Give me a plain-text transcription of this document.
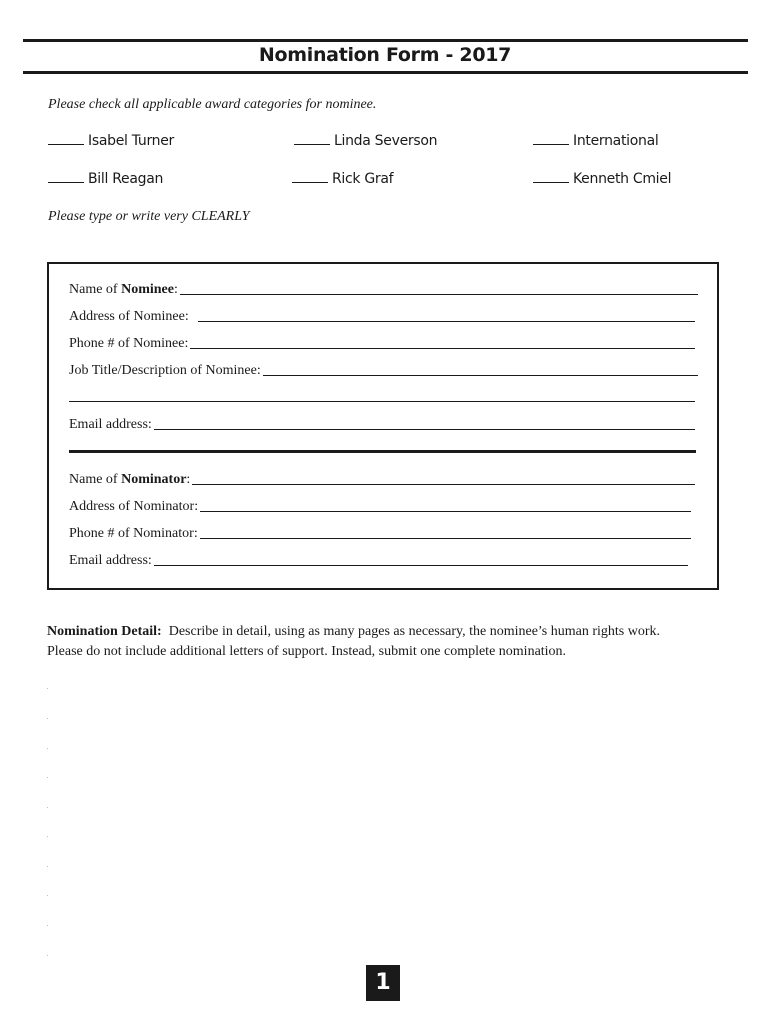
Nomination Form - 2017
Please check all applicable award categories for nominee.
Isabel Turner	Linda Severson	International
Bill Reagan	Rick Graf	Kenneth Cmiel
Please type or write very CLEARLY
Name of Nominee:
Address of Nominee:
Phone # of Nominee:
Job Title/Description of Nominee:
Email address:
Name of Nominator:
Address of Nominator:
Phone # of Nominator:
Email address:
Nomination Detail: Describe in detail, using as many pages as necessary, the nominee’s human rights work.
Please do not include additional letters of support. Instead, submit one complete nomination.
1
